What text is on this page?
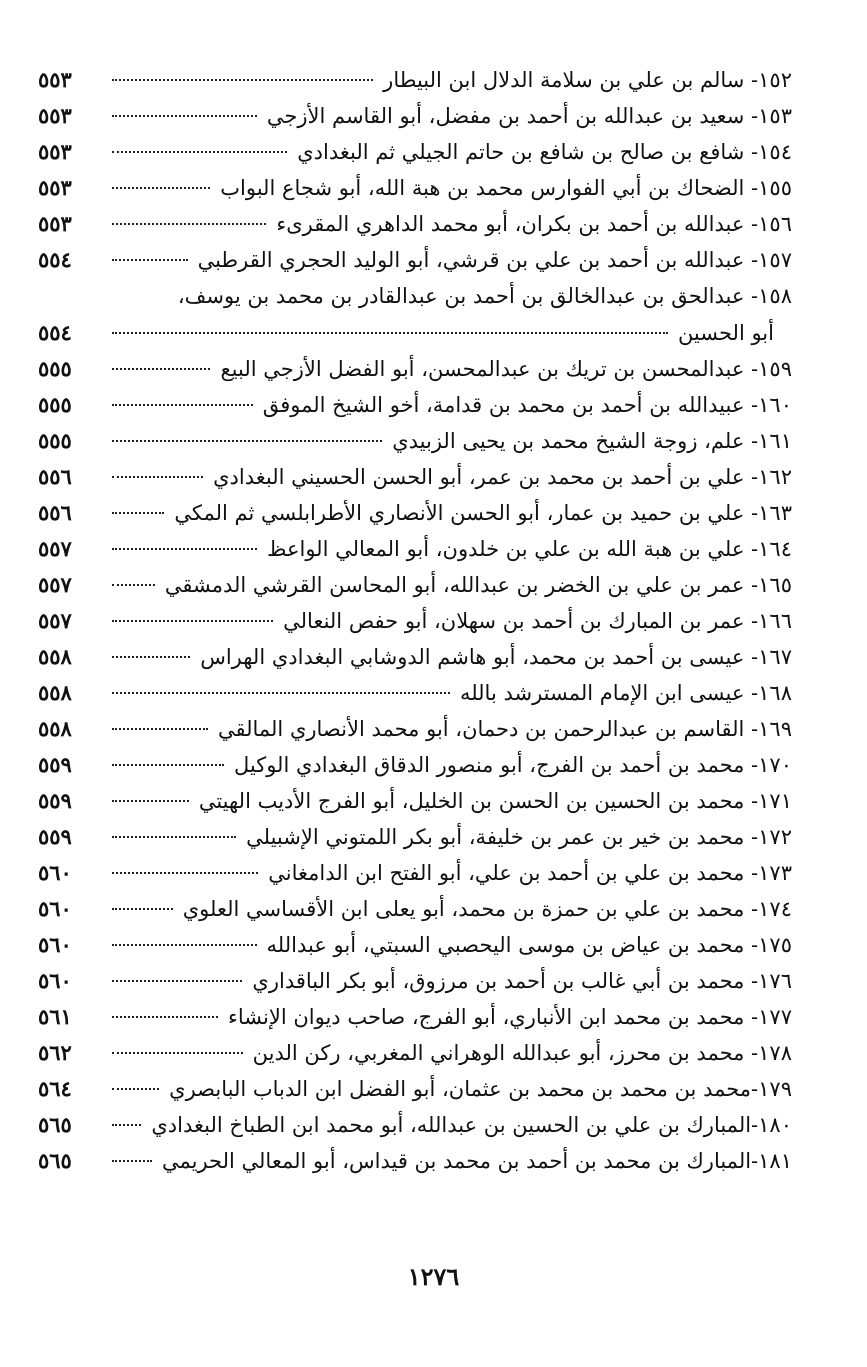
١٥٢- سالم بن علي بن سلامة الدلال ابن البيطار
٥٥٣
١٥٣- سعيد بن عبدالله بن أحمد بن مفضل، أبو القاسم الأزجي
٥٥٣
١٥٤- شافع بن صالح بن شافع بن حاتم الجيلي ثم البغدادي
٥٥٣
١٥٥- الضحاك بن أبي الفوارس محمد بن هبة الله، أبو شجاع البواب
٥٥٣
١٥٦- عبدالله بن أحمد بن بكران، أبو محمد الداهري المقرىء
٥٥٣
١٥٧- عبدالله بن أحمد بن علي بن قرشي، أبو الوليد الحجري القرطبي
٥٥٤
١٥٨- عبدالحق بن عبدالخالق بن أحمد بن عبدالقادر بن محمد بن يوسف،
أبو الحسين
٥٥٤
١٥٩- عبدالمحسن بن تريك بن عبدالمحسن، أبو الفضل الأزجي البيع
٥٥٥
١٦٠- عبيدالله بن أحمد بن محمد بن قدامة، أخو الشيخ الموفق
٥٥٥
١٦١- علم، زوجة الشيخ محمد بن يحيى الزبيدي
٥٥٥
١٦٢- علي بن أحمد بن محمد بن عمر، أبو الحسن الحسيني البغدادي
٥٥٦
١٦٣- علي بن حميد بن عمار، أبو الحسن الأنصاري الأطرابلسي ثم المكي
٥٥٦
١٦٤- علي بن هبة الله بن علي بن خلدون، أبو المعالي الواعظ
٥٥٧
١٦٥- عمر بن علي بن الخضر بن عبدالله، أبو المحاسن القرشي الدمشقي
٥٥٧
١٦٦- عمر بن المبارك بن أحمد بن سهلان، أبو حفص النعالي
٥٥٧
١٦٧- عيسى بن أحمد بن محمد، أبو هاشم الدوشابي البغدادي الهراس
٥٥٨
١٦٨- عيسى ابن الإمام المسترشد بالله
٥٥٨
١٦٩- القاسم بن عبدالرحمن بن دحمان، أبو محمد الأنصاري المالقي
٥٥٨
١٧٠- محمد بن أحمد بن الفرج، أبو منصور الدقاق البغدادي الوكيل
٥٥٩
١٧١- محمد بن الحسين بن الحسن بن الخليل، أبو الفرج الأديب الهيتي
٥٥٩
١٧٢- محمد بن خير بن عمر بن خليفة، أبو بكر اللمتوني الإشبيلي
٥٥٩
١٧٣- محمد بن علي بن أحمد بن علي، أبو الفتح ابن الدامغاني
٥٦٠
١٧٤- محمد بن علي بن حمزة بن محمد، أبو يعلى ابن الأقساسي العلوي
٥٦٠
١٧٥- محمد بن عياض بن موسى اليحصبي السبتي، أبو عبدالله
٥٦٠
١٧٦- محمد بن أبي غالب بن أحمد بن مرزوق، أبو بكر الباقداري
٥٦٠
١٧٧- محمد بن محمد ابن الأنباري، أبو الفرج، صاحب ديوان الإنشاء
٥٦١
١٧٨- محمد بن محرز، أبو عبدالله الوهراني المغربي، ركن الدين
٥٦٢
١٧٩-محمد بن محمد بن محمد بن عثمان، أبو الفضل ابن الدباب البابصري
٥٦٤
١٨٠-المبارك بن علي بن الحسين بن عبدالله، أبو محمد ابن الطباخ البغدادي
٥٦٥
١٨١-المبارك بن محمد بن أحمد بن محمد بن قيداس، أبو المعالي الحريمي
٥٦٥
١٢٧٦
